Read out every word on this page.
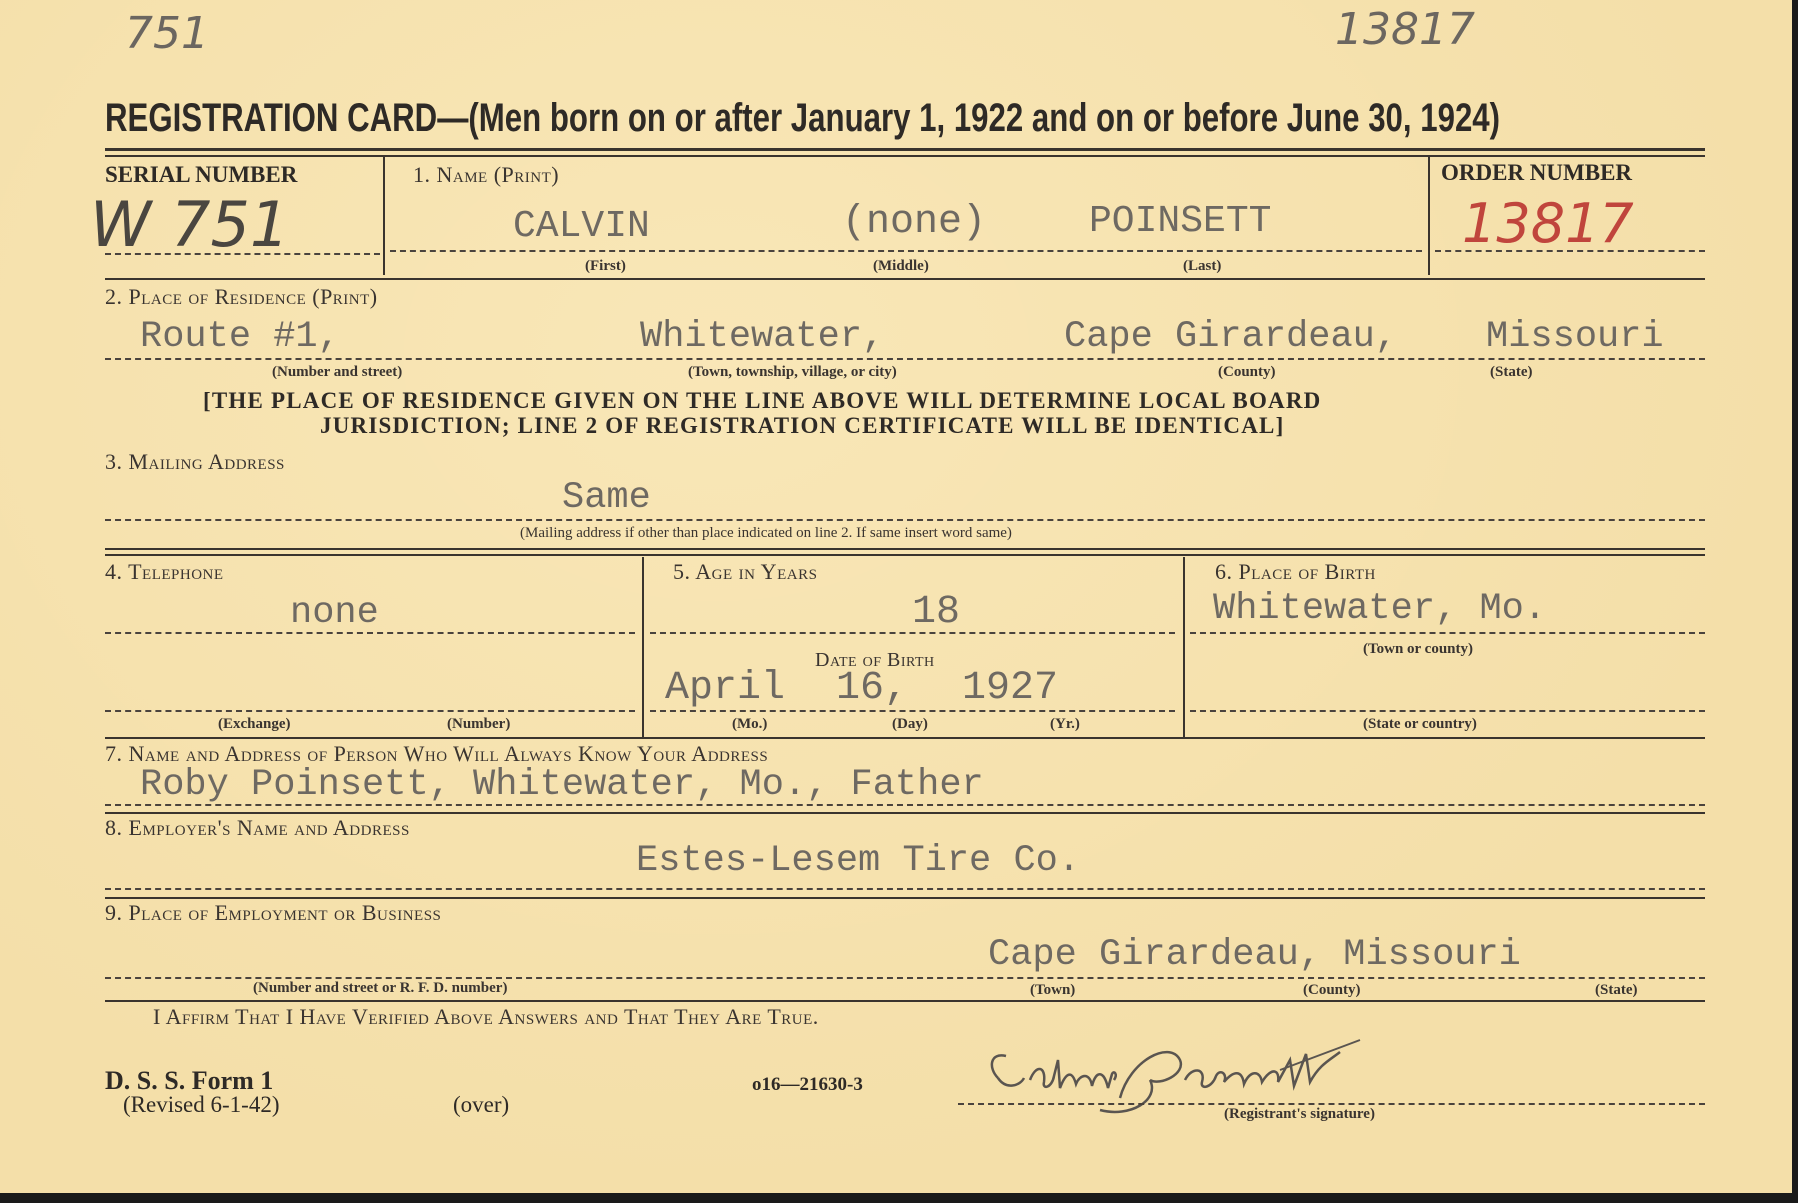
751	13817
REGISTRATION CARD—(Men born on or after January 1, 1922 and on or before June 30, 1924)
SERIAL NUMBER
W 751
1. Name (Print)
CALVIN	(none)	POINSETT
(First)	(Middle)	(Last)
ORDER NUMBER
13817
2. Place of Residence (Print)
Route #1,	Whitewater,	Cape Girardeau, Missouri
(Number and street)	(Town, township, village, or city)	(County)	(State)
[THE PLACE OF RESIDENCE GIVEN ON THE LINE ABOVE WILL DETERMINE LOCAL BOARD
JURISDICTION; LINE 2 OF REGISTRATION CERTIFICATE WILL BE IDENTICAL]
3. Mailing Address
Same
(Mailing address if other than place indicated on line 2. If same insert word same)
4. Telephone
none
(Exchange)	(Number)
5. Age in Years
18
Date of Birth
April 16, 1927
(Mo.)	(Day)	(Yr.)
6. Place of Birth
Whitewater, Mo.
(Town or county)
(State or country)
7. Name and Address of Person Who Will Always Know Your Address
Roby Poinsett, Whitewater, Mo., Father
8. Employer's Name and Address
Estes-Lesem Tire Co.
9. Place of Employment or Business
Cape Girardeau, Missouri
(Number and street or R. F. D. number)	(Town)	(County)	(State)
I Affirm That I Have Verified Above Answers and That They Are True.
D. S. S. Form 1
(Revised 6-1-42)	(over)
o16—21630-3
(Registrant's signature)
